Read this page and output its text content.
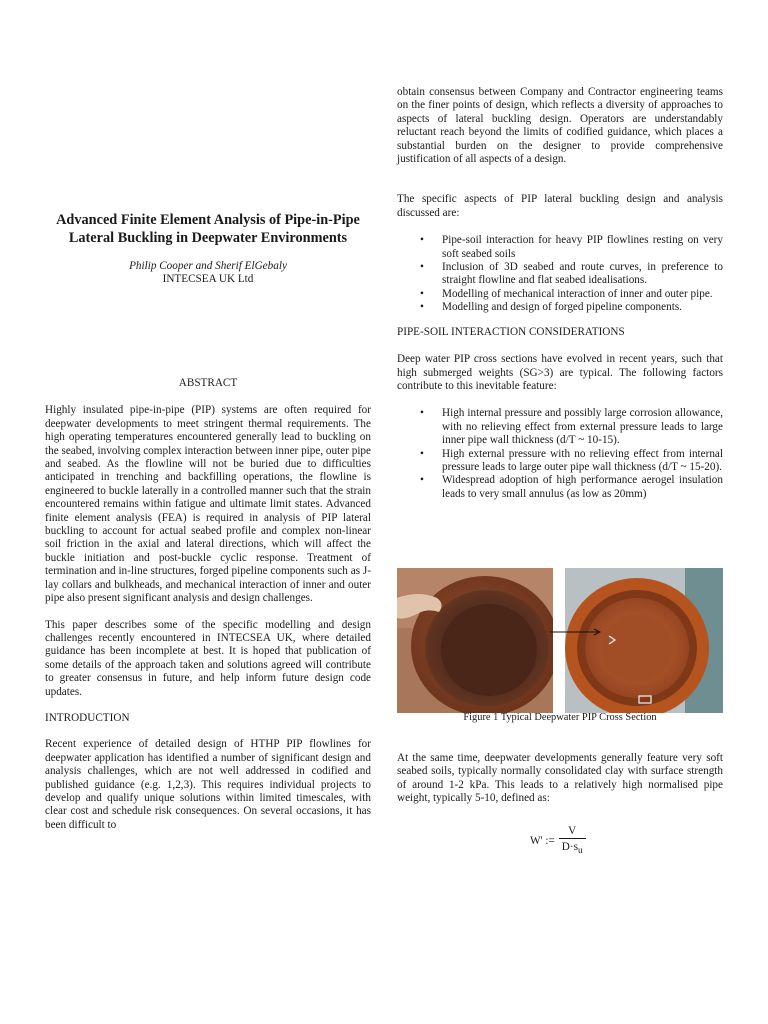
Advanced Finite Element Analysis of Pipe-in-Pipe Lateral Buckling in Deepwater Environments
Philip Cooper and Sherif ElGebaly
INTECSEA UK Ltd

ABSTRACT

Highly insulated pipe-in-pipe (PIP) systems are often required for deepwater developments to meet stringent thermal requirements. The high operating temperatures encountered generally lead to buckling on the seabed, involving complex interaction between inner pipe, outer pipe and seabed. As the flowline will not be buried due to difficulties anticipated in trenching and backfilling operations, the flowline is engineered to buckle laterally in a controlled manner such that the strain encountered remains within fatigue and ultimate limit states. Advanced finite element analysis (FEA) is required in analysis of PIP lateral buckling to account for actual seabed profile and complex non-linear soil friction in the axial and lateral directions, which will affect the buckle initiation and post-buckle cyclic response. Treatment of termination and in-line structures, forged pipeline components such as J-lay collars and bulkheads, and mechanical interaction of inner and outer pipe also present significant analysis and design challenges.

This paper describes some of the specific modelling and design challenges recently encountered in INTECSEA UK, where detailed guidance has been incomplete at best. It is hoped that publication of some details of the approach taken and solutions agreed will contribute to greater consensus in future, and help inform future design code updates.

INTRODUCTION

Recent experience of detailed design of HTHP PIP flowlines for deepwater application has identified a number of significant design and analysis challenges, which are not well addressed in codified and published guidance (e.g. 1,2,3). This requires individual projects to develop and qualify unique solutions within limited timescales, with clear cost and schedule risk consequences. On several occasions, it has been difficult to

obtain consensus between Company and Contractor engineering teams on the finer points of design, which reflects a diversity of approaches to aspects of lateral buckling design. Operators are understandably reluctant reach beyond the limits of codified guidance, which places a substantial burden on the designer to provide comprehensive justification of all aspects of a design.

The specific aspects of PIP lateral buckling design and analysis discussed are:

• Pipe-soil interaction for heavy PIP flowlines resting on very soft seabed soils
• Inclusion of 3D seabed and route curves, in preference to straight flowline and flat seabed idealisations.
• Modelling of mechanical interaction of inner and outer pipe.
• Modelling and design of forged pipeline components.

PIPE-SOIL INTERACTION CONSIDERATIONS

Deep water PIP cross sections have evolved in recent years, such that high submerged weights (SG>3) are typical. The following factors contribute to this inevitable feature:

• High internal pressure and possibly large corrosion allowance, with no relieving effect from external pressure leads to large inner pipe wall thickness (d/T ~ 10-15).
• High external pressure with no relieving effect from internal pressure leads to large outer pipe wall thickness (d/T ~ 15-20).
• Widespread adoption of high performance aerogel insulation leads to very small annulus (as low as 20mm)
Figure 1 Typical Deepwater PIP Cross Section

At the same time, deepwater developments generally feature very soft seabed soils, typically normally consolidated clay with surface strength of around 1-2 kPa. This leads to a relatively high normalised pipe weight, typically 5-10, defined as:

W' :=	V
$D\cdot s_u$
